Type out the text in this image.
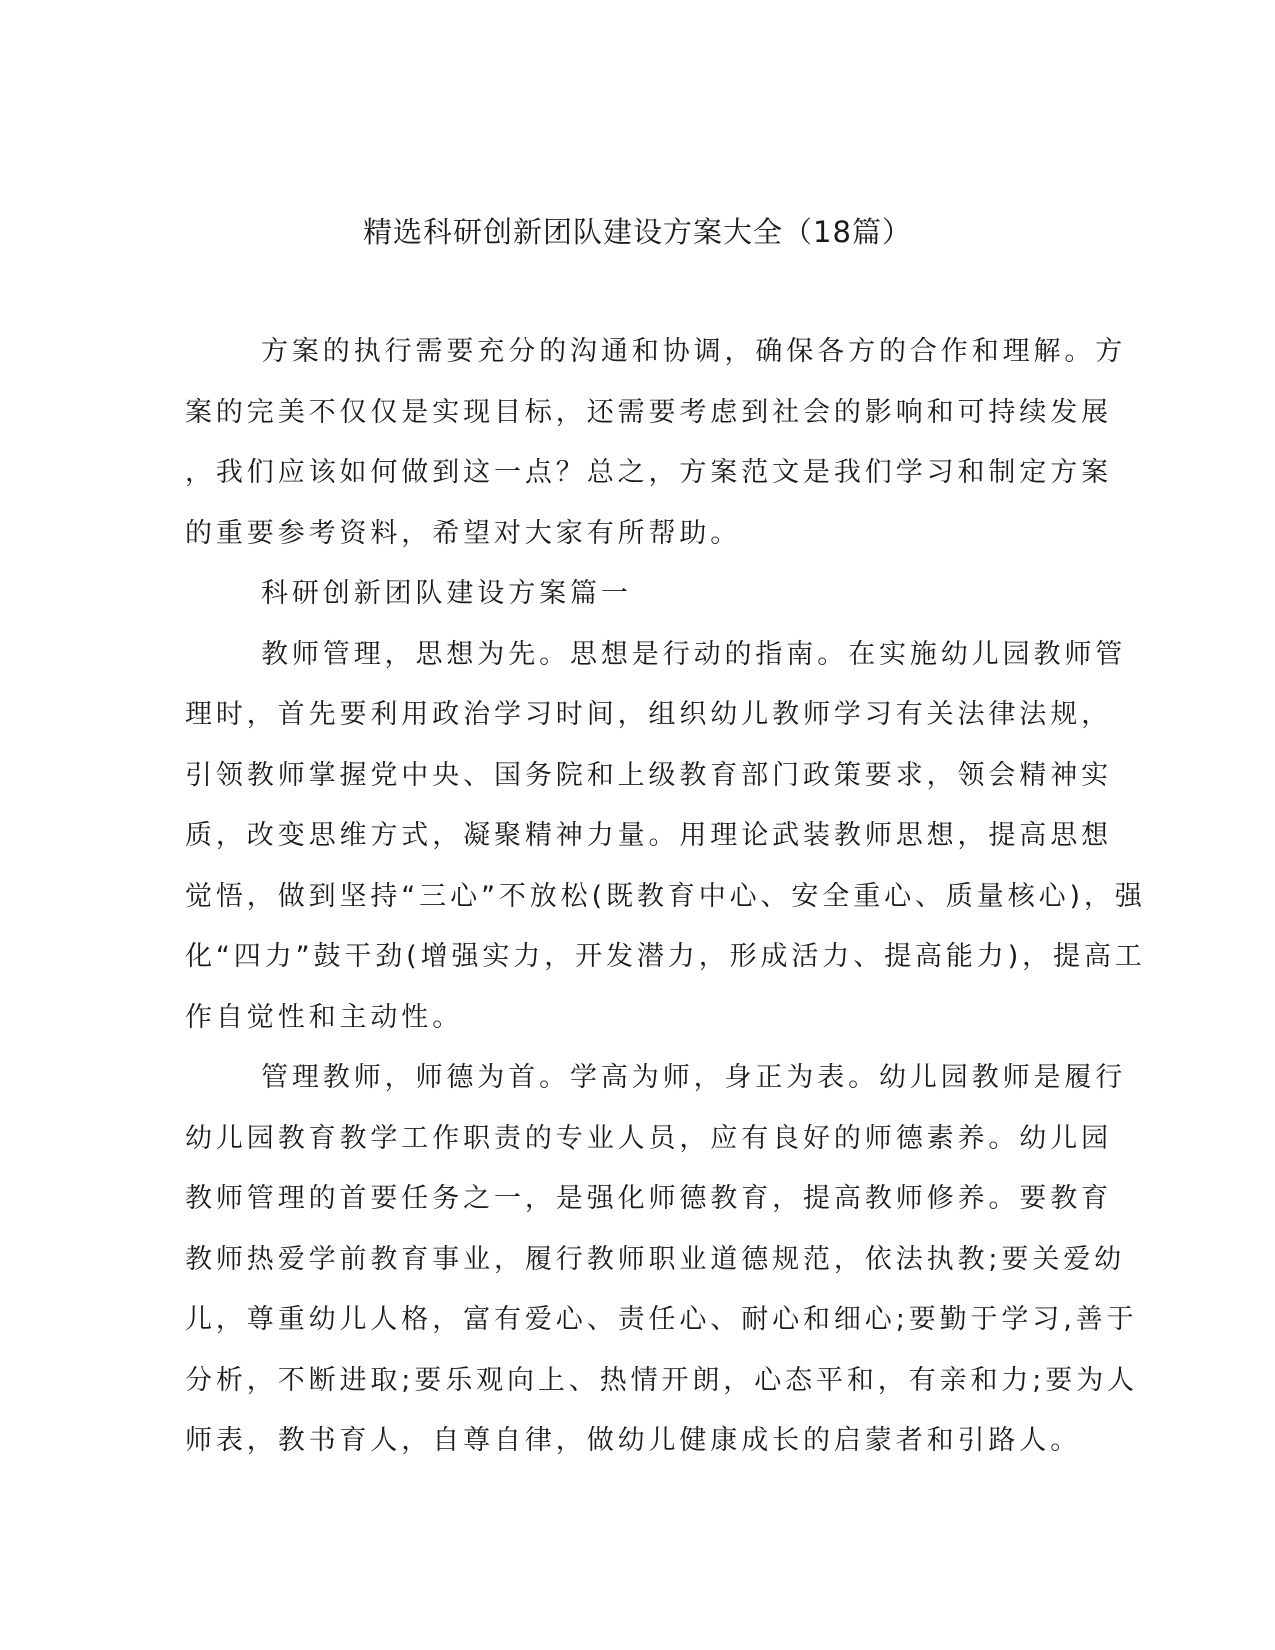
精选科研创新团队建设方案大全（18篇）

方案的执行需要充分的沟通和协调，确保各方的合作和理解。方
案的完美不仅仅是实现目标，还需要考虑到社会的影响和可持续发展
，我们应该如何做到这一点？总之，方案范文是我们学习和制定方案
的重要参考资料，希望对大家有所帮助。

科研创新团队建设方案篇一

教师管理，思想为先。思想是行动的指南。在实施幼儿园教师管
理时，首先要利用政治学习时间，组织幼儿教师学习有关法律法规，
引领教师掌握党中央、国务院和上级教育部门政策要求，领会精神实
质，改变思维方式，凝聚精神力量。用理论武装教师思想，提高思想
觉悟，做到坚持“三心”不放松(既教育中心、安全重心、质量核心)，强
化“四力”鼓干劲(增强实力，开发潜力，形成活力、提高能力)，提高工
作自觉性和主动性。

管理教师，师德为首。学高为师，身正为表。幼儿园教师是履行
幼儿园教育教学工作职责的专业人员，应有良好的师德素养。幼儿园
教师管理的首要任务之一，是强化师德教育，提高教师修养。要教育
教师热爱学前教育事业，履行教师职业道德规范，依法执教;要关爱幼
儿，尊重幼儿人格，富有爱心、责任心、耐心和细心;要勤于学习,善于
分析，不断进取;要乐观向上、热情开朗，心态平和，有亲和力;要为人
师表，教书育人，自尊自律，做幼儿健康成长的启蒙者和引路人。
